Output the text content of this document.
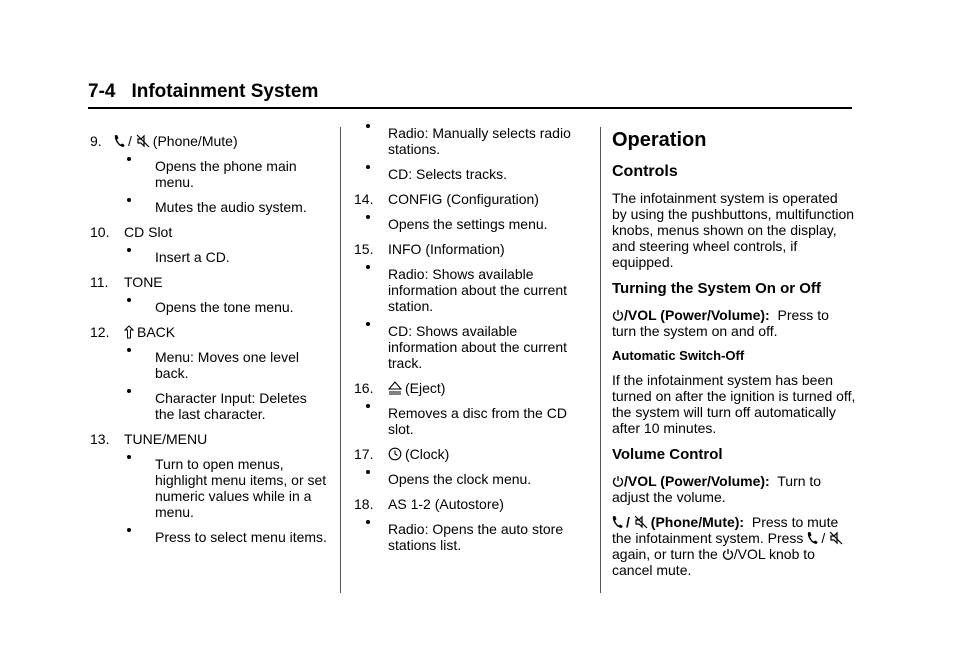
7-4 Infotainment System
9.	/ (Phone/Mute)
Opens the phone main menu.
Mutes the audio system.
10.	CD Slot
Insert a CD.
11.	TONE
Opens the tone menu.
12.	BACK
Menu: Moves one level back.
Character Input: Deletes the last character.
13.	TUNE/MENU
Turn to open menus, highlight menu items, or set numeric values while in a menu.
Press to select menu items.
Radio: Manually selects radio stations.
CD: Selects tracks.
14.	CONFIG (Configuration)
Opens the settings menu.
15.	INFO (Information)
Radio: Shows available information about the current station.
CD: Shows available information about the current track.
16.	(Eject)
Removes a disc from the CD slot.
17.	(Clock)
Opens the clock menu.
18.	AS 1-2 (Autostore)
Radio: Opens the auto store stations list.
Operation
Controls
The infotainment system is operated by using the pushbuttons, multifunction knobs, menus shown on the display, and steering wheel controls, if equipped.
Turning the System On or Off
/VOL (Power/Volume): Press to turn the system on and off.
Automatic Switch-Off
If the infotainment system has been turned on after the ignition is turned off, the system will turn off automatically after 10 minutes.
Volume Control
/VOL (Power/Volume): Turn to adjust the volume.
/ (Phone/Mute): Press to mute the infotainment system. Press / again, or turn the /VOL knob to cancel mute.
